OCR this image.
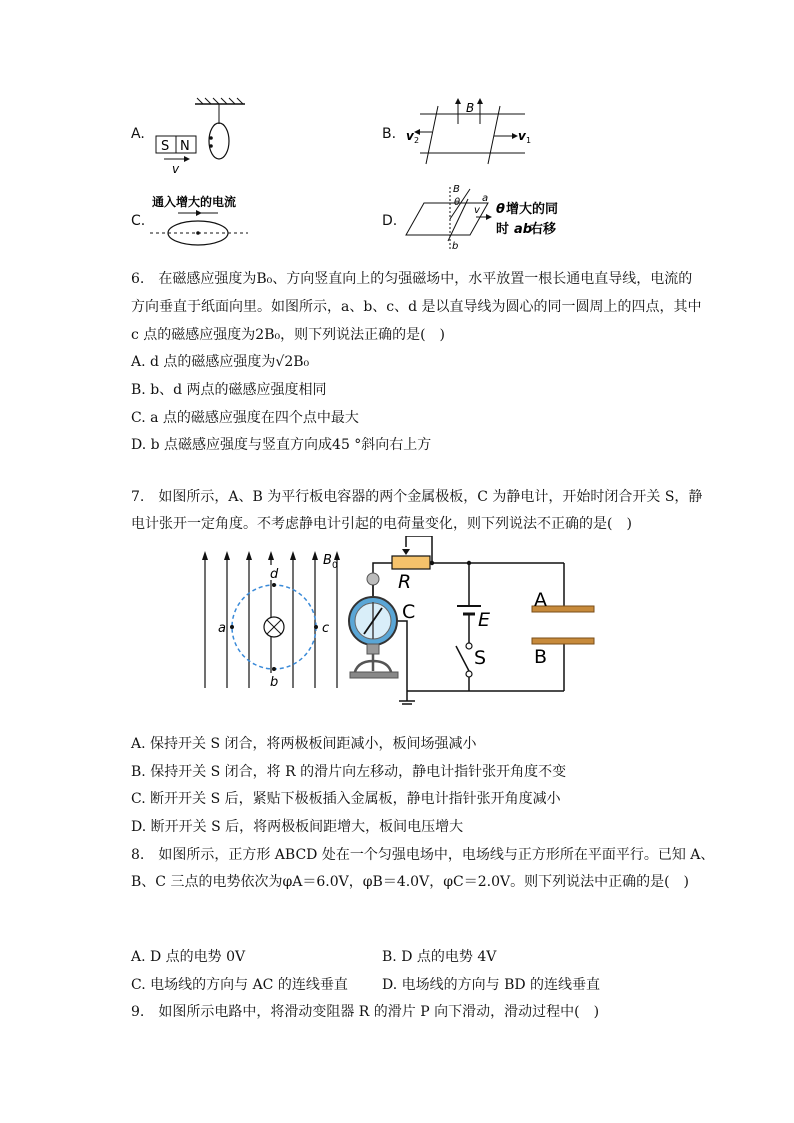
A.
S N
v
B.
B
v 2	v 1
C.
通入增大的电流
D.
B
θ a
v
b
θ 增大的同
时 ab
右移
6.　在磁感应强度为B₀、方向竖直向上的匀强磁场中，水平放置一根长通电直导线，电流的
方向垂直于纸面向里。如图所示，a、b、c、d 是以直导线为圆心的同一圆周上的四点，其中
c 点的磁感应强度为2B₀，则下列说法正确的是(　)
A. d 点的磁感应强度为√2B₀
B. b、d 两点的磁感应强度相同
C. a 点的磁感应强度在四个点中最大
D. b 点磁感应强度与竖直方向成45 °斜向右上方
7.　如图所示，A、B 为平行板电容器的两个金属极板，C 为静电计，开始时闭合开关 S，静
电计张开一定角度。不考虑静电计引起的电荷量变化，则下列说法不正确的是(　)
a	c
d
b
B 0
R
E
S
A
B
C
A. 保持开关 S 闭合，将两极板间距减小，板间场强减小
B. 保持开关 S 闭合，将 R 的滑片向左移动，静电计指针张开角度不变
C. 断开开关 S 后，紧贴下极板插入金属板，静电计指针张开角度减小
D. 断开开关 S 后，将两极板间距增大，板间电压增大
8.　如图所示，正方形 ABCD 处在一个匀强电场中，电场线与正方形所在平面平行。已知 A、
B、C 三点的电势依次为φA＝6.0V，φB＝4.0V，φC＝2.0V。则下列说法中正确的是(　)
A. D 点的电势 0V	B. D 点的电势 4V
C. 电场线的方向与 AC 的连线垂直 D. 电场线的方向与 BD 的连线垂直
9.　如图所示电路中，将滑动变阻器 R 的滑片 P 向下滑动，滑动过程中(　)
